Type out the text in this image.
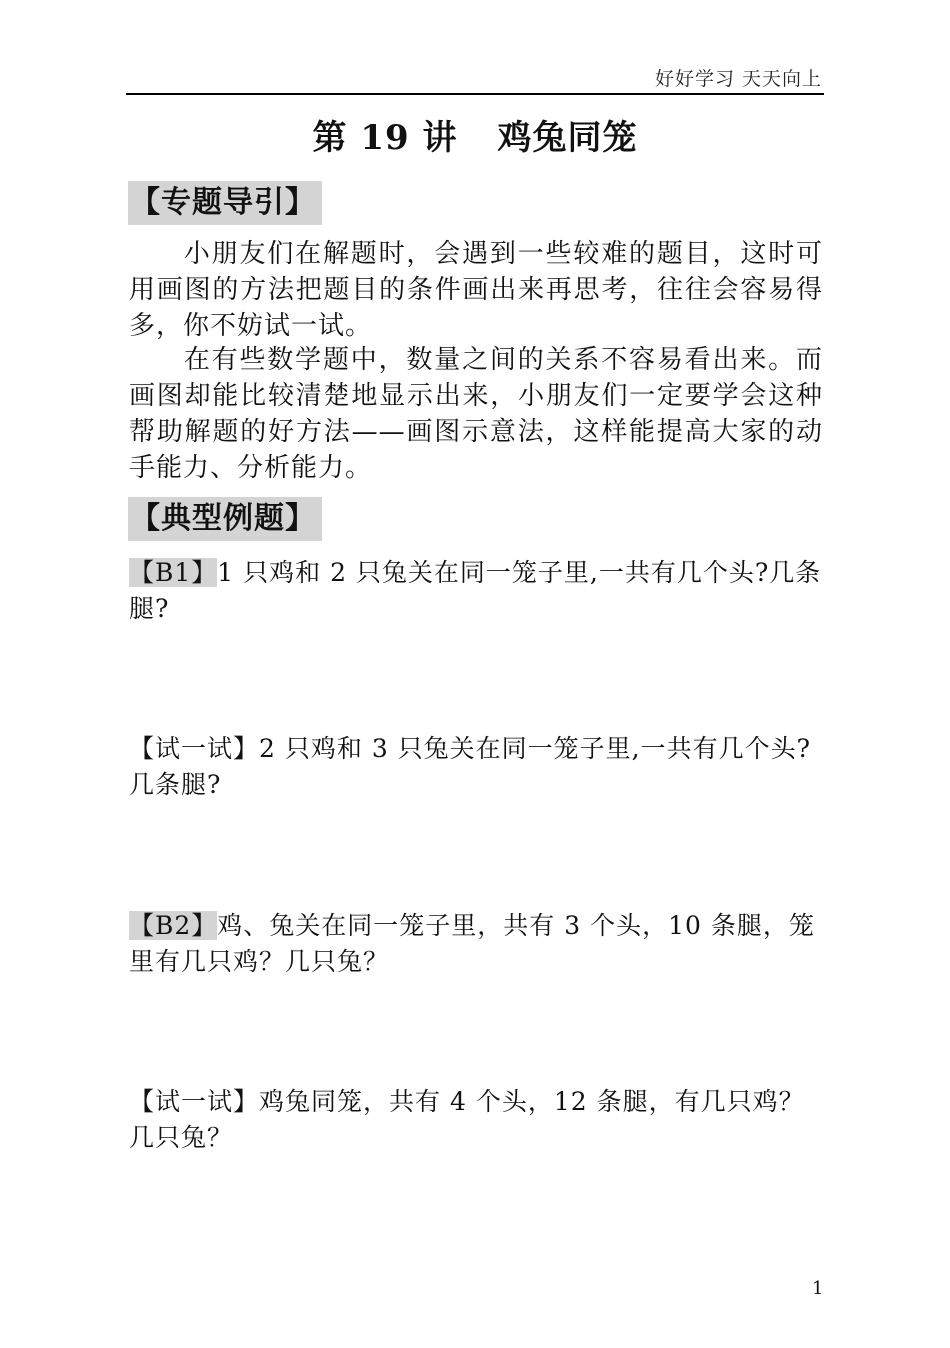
好好学习 天天向上
第 19 讲 鸡兔同笼
【专题导引】
小朋友们在解题时，会遇到一些较难的题目，这时可用画图的方法把题目的条件画出来再思考，往往会容易得多，你不妨试一试。
在有些数学题中，数量之间的关系不容易看出来。而画图却能比较清楚地显示出来，小朋友们一定要学会这种帮助解题的好方法——画图示意法，这样能提高大家的动手能力、分析能力。
【典型例题】
【B1】1 只鸡和 2 只兔关在同一笼子里,一共有几个头?几条腿?
【试一试】2 只鸡和 3 只兔关在同一笼子里,一共有几个头?几条腿?
【B2】鸡、兔关在同一笼子里，共有 3 个头，10 条腿，笼里有几只鸡？几只兔？
【试一试】鸡兔同笼，共有 4 个头，12 条腿，有几只鸡？几只兔？
1
